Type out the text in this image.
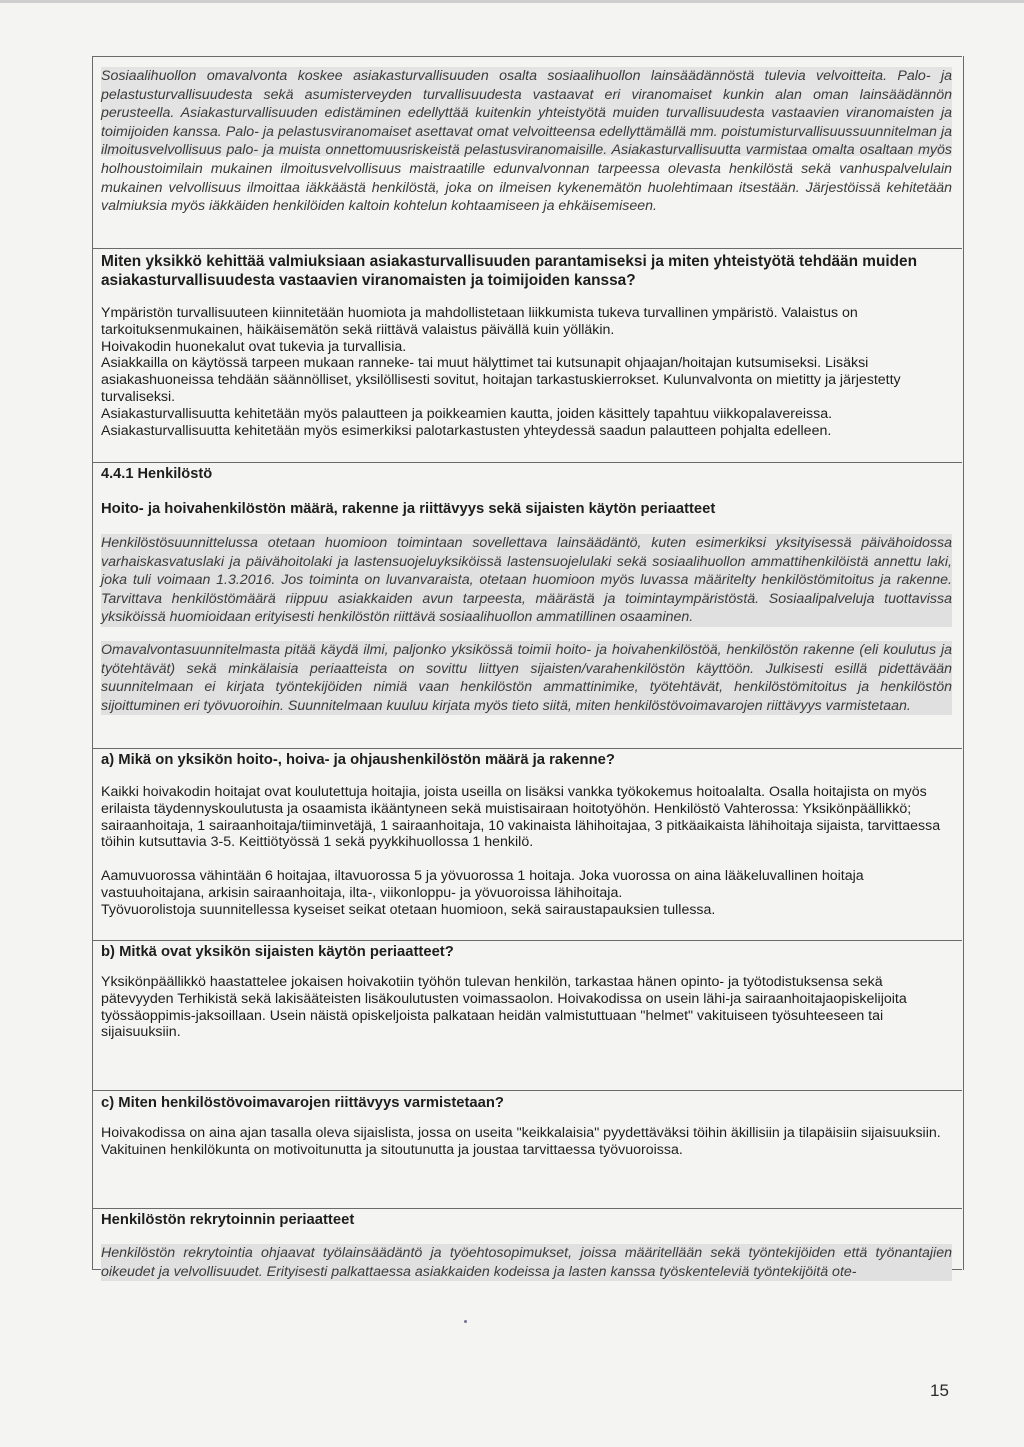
Sosiaalihuollon omavalvonta koskee asiakasturvallisuuden osalta sosiaalihuollon lainsäädännöstä tulevia velvoitteita. Palo- ja pelastusturvallisuudesta sekä asumisterveyden turvallisuudesta vastaavat eri viranomaiset kunkin alan oman lainsäädännön perusteella. Asiakasturvallisuuden edistäminen edellyttää kuitenkin yhteistyötä muiden turvallisuudesta vastaavien viranomaisten ja toimijoiden kanssa. Palo- ja pelastusviranomaiset asettavat omat velvoitteensa edellyttämällä mm. poistumisturvallisuussuunnitelman ja ilmoitusvelvollisuus palo- ja muista onnettomuusriskeistä pelastusviranomaisille. Asiakasturvallisuutta varmistaa omalta osaltaan myös holhoustoimilain mukainen ilmoitusvelvollisuus maistraatille edunvalvonnan tarpeessa olevasta henkilöstä sekä vanhuspalvelulain mukainen velvollisuus ilmoittaa iäkkäästä henkilöstä, joka on ilmeisen kykenemätön huolehtimaan itsestään. Järjestöissä kehitetään valmiuksia myös iäkkäiden henkilöiden kaltoin kohtelun kohtaamiseen ja ehkäisemiseen.

Miten yksikkö kehittää valmiuksiaan asiakasturvallisuuden parantamiseksi ja miten yhteistyötä tehdään muiden asiakasturvallisuudesta vastaavien viranomaisten ja toimijoiden kanssa?

Ympäristön turvallisuuteen kiinnitetään huomiota ja mahdollistetaan liikkumista tukeva turvallinen ympäristö. Valaistus on tarkoituksenmukainen, häikäisemätön sekä riittävä valaistus päivällä kuin yölläkin.

Hoivakodin huonekalut ovat tukevia ja turvallisia.

Asiakkailla on käytössä tarpeen mukaan ranneke- tai muut hälyttimet tai kutsunapit ohjaajan/hoitajan kutsumiseksi. Lisäksi asiakashuoneissa tehdään säännölliset, yksilöllisesti sovitut, hoitajan tarkastuskierrokset. Kulunvalvonta on mietitty ja järjestetty turvaliseksi.

Asiakasturvallisuutta kehitetään myös palautteen ja poikkeamien kautta, joiden käsittely tapahtuu viikkopalavereissa.

Asiakasturvallisuutta kehitetään myös esimerkiksi palotarkastusten yhteydessä saadun palautteen pohjalta edelleen.

4.4.1 Henkilöstö

Hoito- ja hoivahenkilöstön määrä, rakenne ja riittävyys sekä sijaisten käytön periaatteet

Henkilöstösuunnittelussa otetaan huomioon toimintaan sovellettava lainsäädäntö, kuten esimerkiksi yksityisessä päivähoidossa varhaiskasvatuslaki ja päivähoitolaki ja lastensuojeluyksiköissä lastensuojelulaki sekä sosiaalihuollon ammattihenkilöistä annettu laki, joka tuli voimaan 1.3.2016. Jos toiminta on luvanvaraista, otetaan huomioon myös luvassa määritelty henkilöstömitoitus ja rakenne. Tarvittava henkilöstömäärä riippuu asiakkaiden avun tarpeesta, määrästä ja toimintaympäristöstä. Sosiaalipalveluja tuottavissa yksiköissä huomioidaan erityisesti henkilöstön riittävä sosiaalihuollon ammatillinen osaaminen.

Omavalvontasuunnitelmasta pitää käydä ilmi, paljonko yksikössä toimii hoito- ja hoivahenkilöstöä, henkilöstön rakenne (eli koulutus ja työtehtävät) sekä minkälaisia periaatteista on sovittu liittyen sijaisten/varahenkilöstön käyttöön. Julkisesti esillä pidettävään suunnitelmaan ei kirjata työntekijöiden nimiä vaan henkilöstön ammattinimike, työtehtävät, henkilöstömitoitus ja henkilöstön sijoittuminen eri työvuoroihin. Suunnitelmaan kuuluu kirjata myös tieto siitä, miten henkilöstövoimavarojen riittävyys varmistetaan.

a) Mikä on yksikön hoito-, hoiva- ja ohjaushenkilöstön määrä ja rakenne?

Kaikki hoivakodin hoitajat ovat koulutettuja hoitajia, joista useilla on lisäksi vankka työkokemus hoitoalalta. Osalla hoitajista on myös erilaista täydennyskoulutusta ja osaamista ikääntyneen sekä muistisairaan hoitotyöhön. Henkilöstö Vahterossa: Yksikönpäällikkö; sairaanhoitaja, 1 sairaanhoitaja/tiiminvetäjä, 1 sairaanhoitaja, 10 vakinaista lähihoitajaa, 3 pitkäaikaista lähihoitaja sijaista, tarvittaessa töihin kutsuttavia 3-5. Keittiötyössä 1 sekä pyykkihuollossa 1 henkilö.

Aamuvuorossa vähintään 6 hoitajaa, iltavuorossa 5 ja yövuorossa 1 hoitaja. Joka vuorossa on aina lääkeluvallinen hoitaja vastuuhoitajana, arkisin sairaanhoitaja, ilta-, viikonloppu- ja yövuoroissa lähihoitaja.

Työvuorolistoja suunnitellessa kyseiset seikat otetaan huomioon, sekä sairaustapauksien tullessa.

b) Mitkä ovat yksikön sijaisten käytön periaatteet?

Yksikönpäällikkö haastattelee jokaisen hoivakotiin työhön tulevan henkilön, tarkastaa hänen opinto- ja työtodistuksensa sekä pätevyyden Terhikistä sekä lakisääteisten lisäkoulutusten voimassaolon. Hoivakodissa on usein lähi-ja sairaanhoitajaopiskelijoita työssäoppimis-jaksoillaan. Usein näistä opiskeljoista palkataan heidän valmistuttuaan "helmet" vakituiseen työsuhteeseen tai sijaisuuksiin.

c) Miten henkilöstövoimavarojen riittävyys varmistetaan?

Hoivakodissa on aina ajan tasalla oleva sijaislista, jossa on useita "keikkalaisia" pyydettäväksi töihin äkillisiin ja tilapäisiin sijaisuuksiin. Vakituinen henkilökunta on motivoitunutta ja sitoutunutta ja joustaa tarvittaessa työvuoroissa.

Henkilöstön rekrytoinnin periaatteet

Henkilöstön rekrytointia ohjaavat työlainsäädäntö ja työehtosopimukset, joissa määritellään sekä työntekijöiden että työnantajien oikeudet ja velvollisuudet. Erityisesti palkattaessa asiakkaiden kodeissa ja lasten kanssa työskenteleviä työntekijöitä ote-

15
